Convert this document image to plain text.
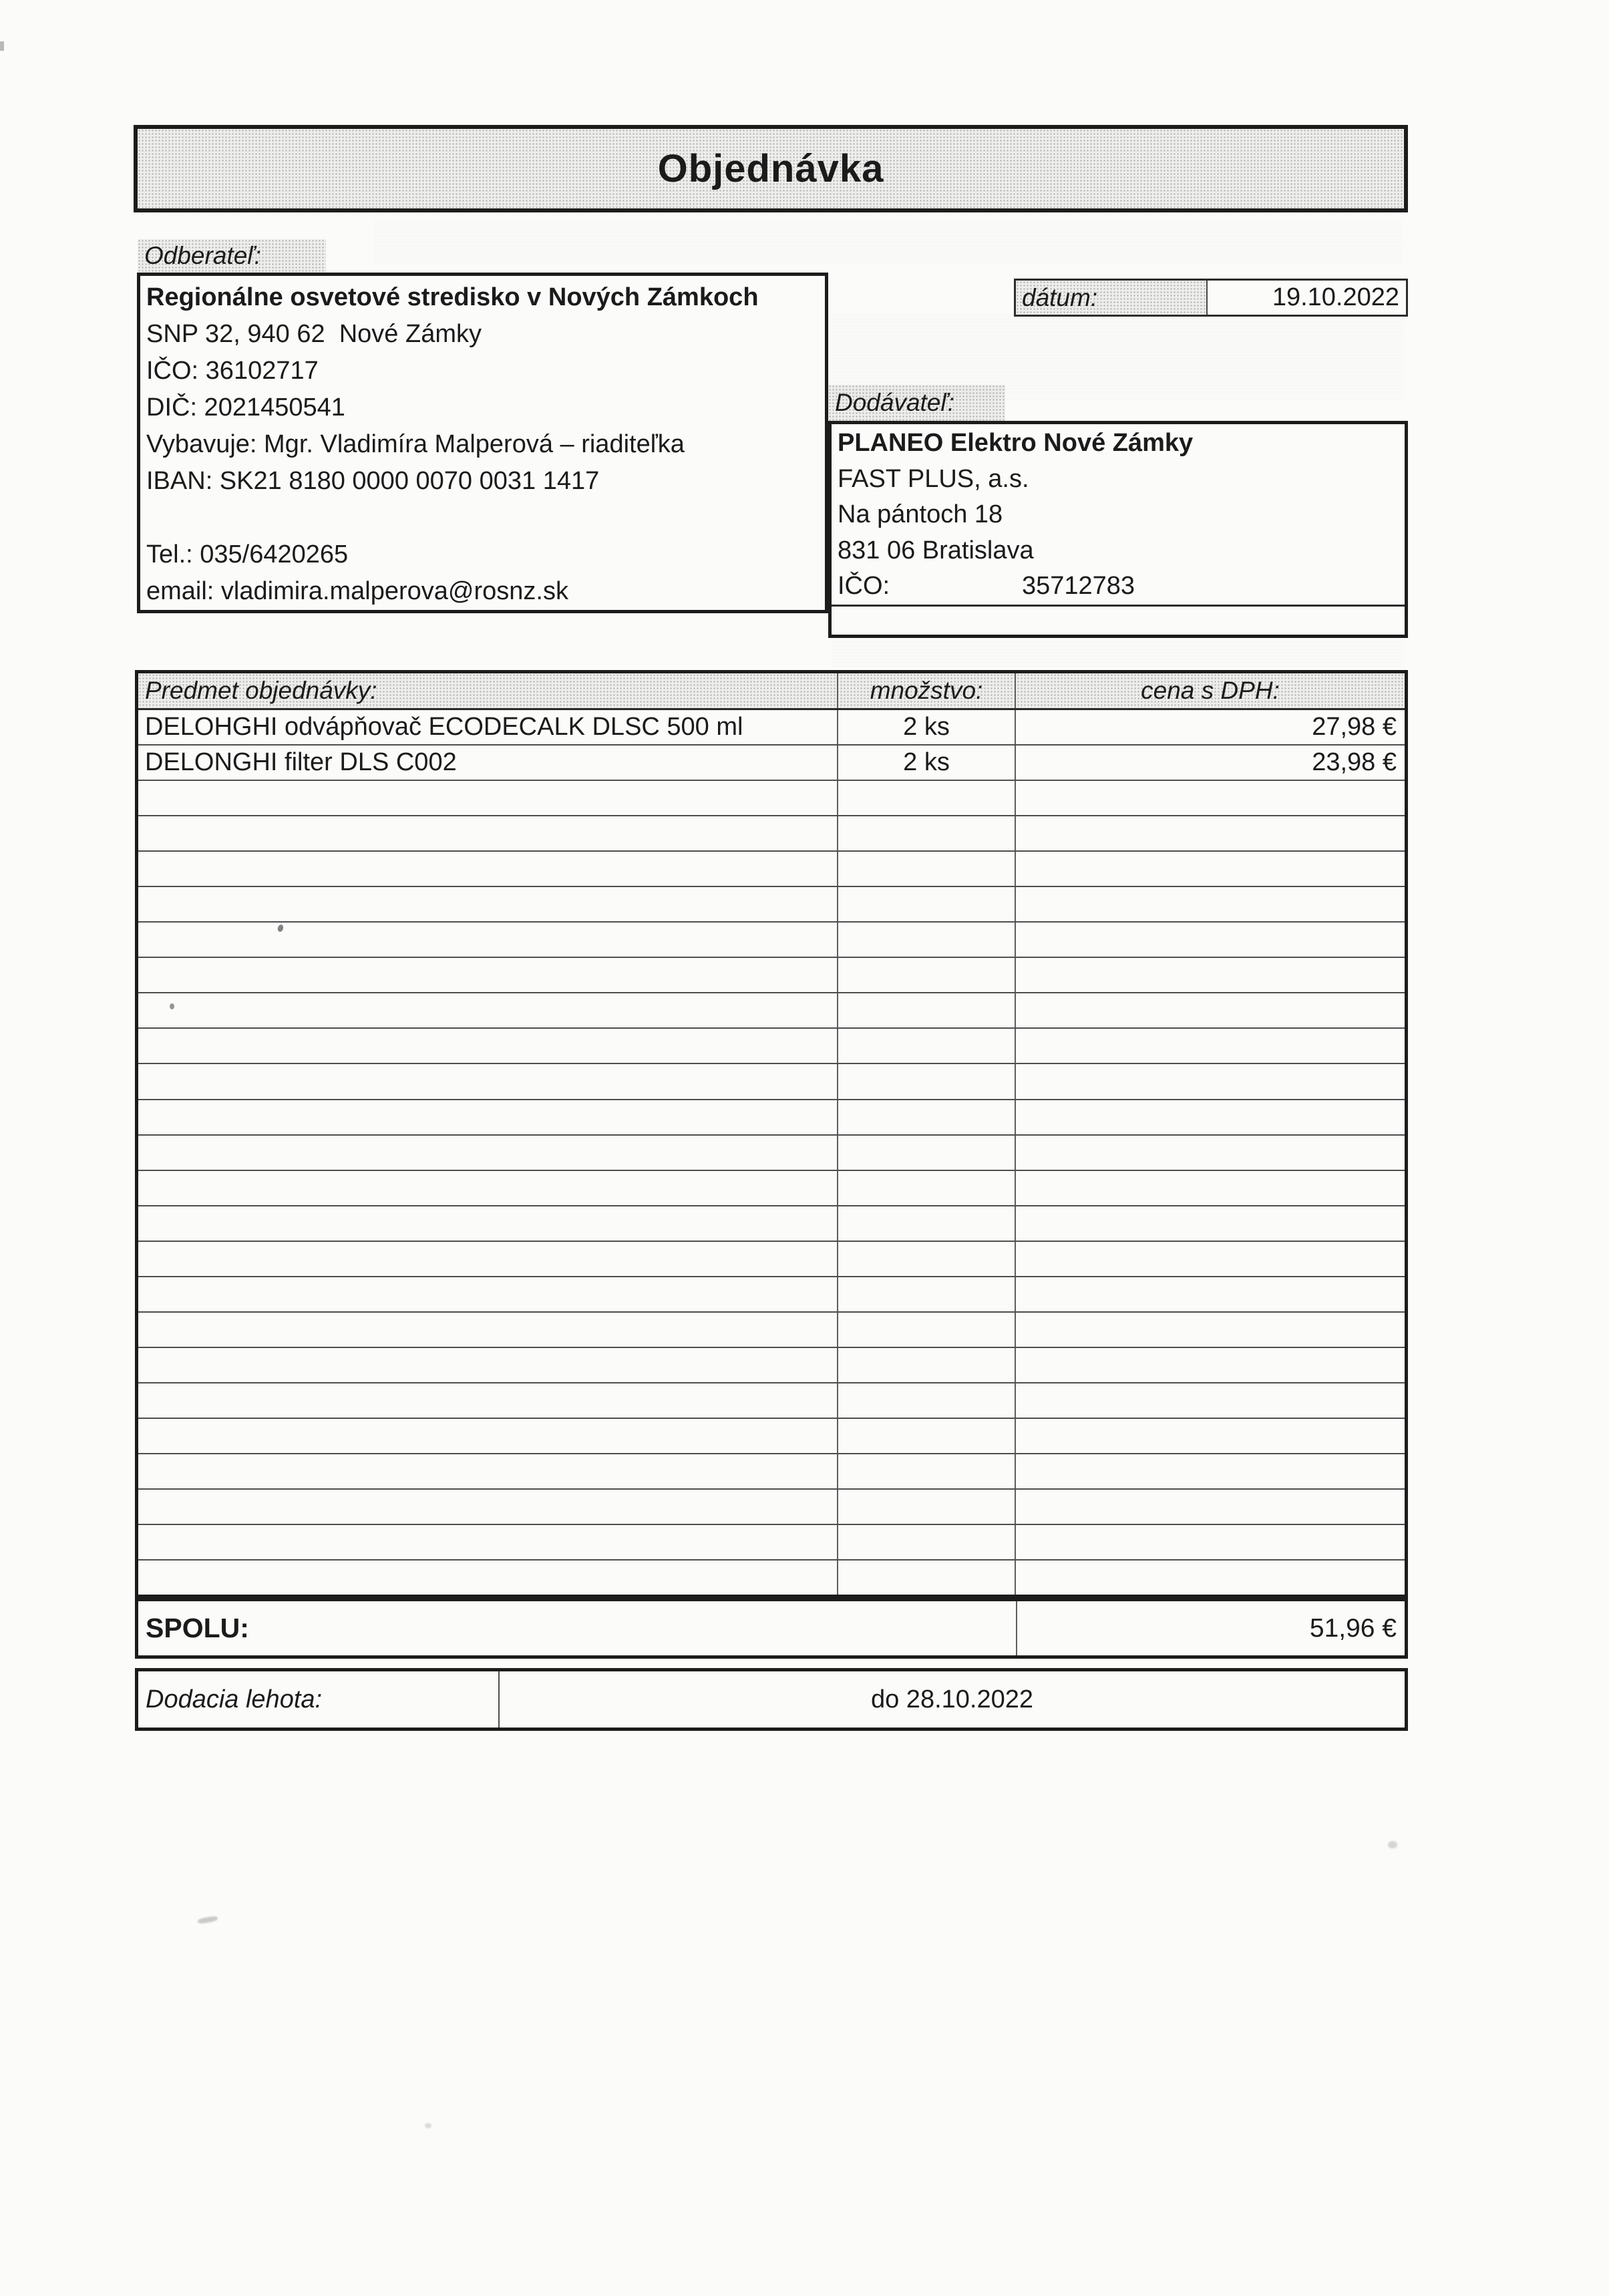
Objednávka
Odberateľ:
Regionálne osvetové stredisko v Nových Zámkoch
SNP 32, 940 62  Nové Zámky
IČO: 36102717
DIČ: 2021450541
Vybavuje: Mgr. Vladimíra Malperová – riaditeľka
IBAN: SK21 8180 0000 0070 0031 1417
Tel.: 035/6420265
email: vladimira.malperova@rosnz.sk
dátum:	19.10.2022
Dodávateľ:
PLANEO Elektro Nové Zámky
FAST PLUS, a.s.
Na pántoch 18
831 06 Bratislava
IČO:	35712783
Predmet objednávky:	množstvo:	cena s DPH:
DELOHGHI odvápňovač ECODECALK DLSC 500 ml	2 ks	27,98 €
DELONGHI filter DLS C002	2 ks	23,98 €
SPOLU:	51,96 €
Dodacia lehota:	do 28.10.2022
